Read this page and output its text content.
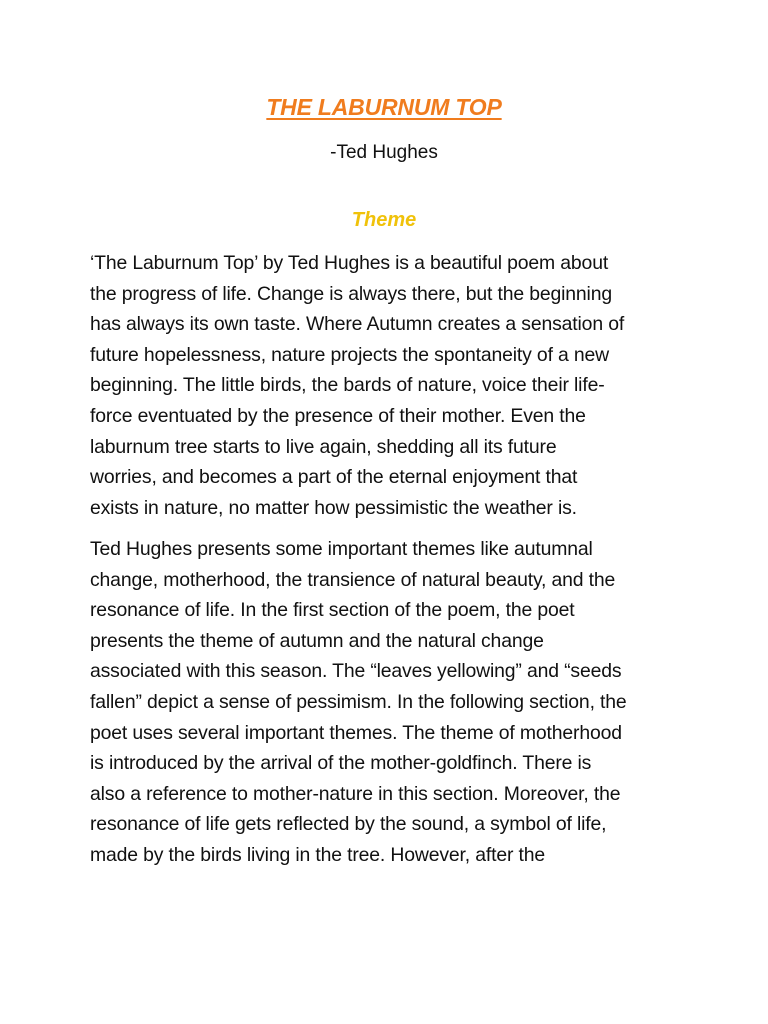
THE LABURNUM TOP
-Ted Hughes
Theme

‘The Laburnum Top’ by Ted Hughes is a beautiful poem about
the progress of life. Change is always there, but the beginning
has always its own taste. Where Autumn creates a sensation of
future hopelessness, nature projects the spontaneity of a new
beginning. The little birds, the bards of nature, voice their life-
force eventuated by the presence of their mother. Even the
laburnum tree starts to live again, shedding all its future
worries, and becomes a part of the eternal enjoyment that
exists in nature, no matter how pessimistic the weather is.

Ted Hughes presents some important themes like autumnal
change, motherhood, the transience of natural beauty, and the
resonance of life. In the first section of the poem, the poet
presents the theme of autumn and the natural change
associated with this season. The “leaves yellowing” and “seeds
fallen” depict a sense of pessimism. In the following section, the
poet uses several important themes. The theme of motherhood
is introduced by the arrival of the mother-goldfinch. There is
also a reference to mother-nature in this section. Moreover, the
resonance of life gets reflected by the sound, a symbol of life,
made by the birds living in the tree. However, after the
